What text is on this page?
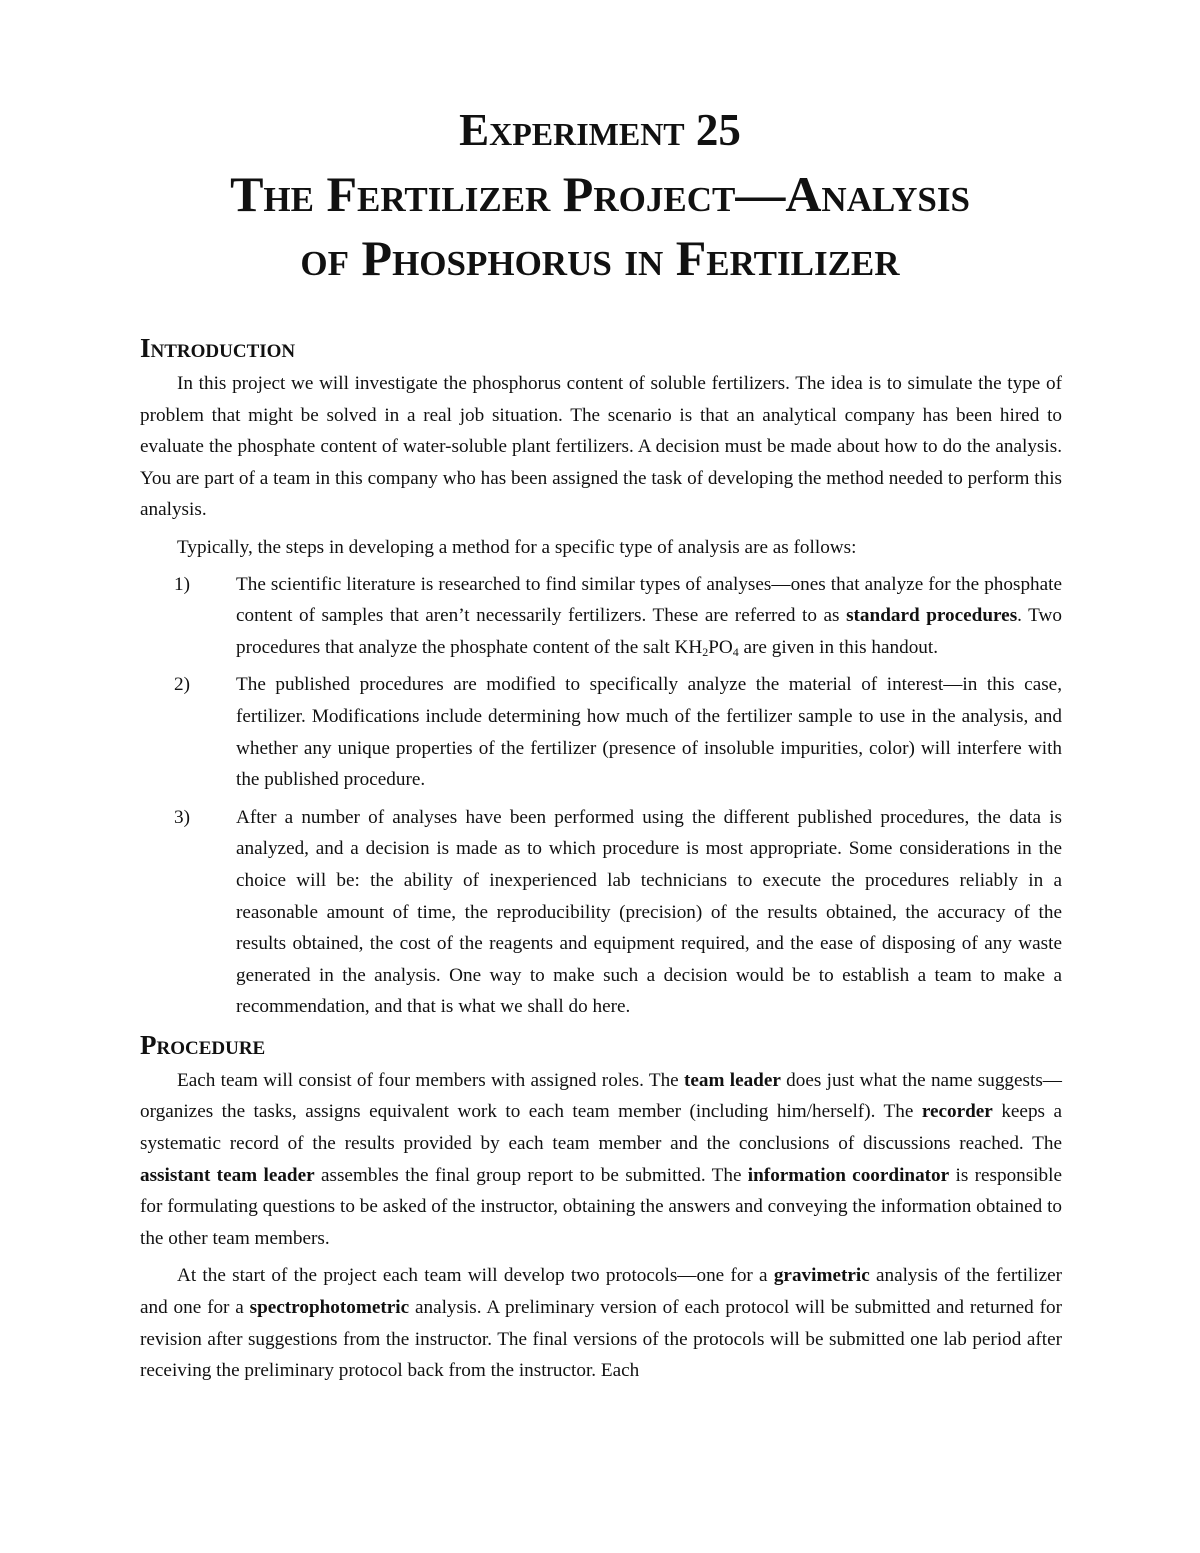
Experiment 25
The Fertilizer Project—Analysis
of Phosphorus in Fertilizer
Introduction

In this project we will investigate the phosphorus content of soluble fertilizers. The idea is to simulate the type of problem that might be solved in a real job situation. The scenario is that an analytical company has been hired to evaluate the phosphate content of water-soluble plant fertilizers. A decision must be made about how to do the analysis. You are part of a team in this company who has been assigned the task of developing the method needed to perform this analysis.

Typically, the steps in developing a method for a specific type of analysis are as follows:

1) The scientific literature is researched to find similar types of analyses—ones that analyze for the phosphate content of samples that aren’t necessarily fertilizers. These are referred to as standard procedures. Two procedures that analyze the phosphate content of the salt $KH_2PO_4$ are given in this handout.
2) The published procedures are modified to specifically analyze the material of interest—in this case, fertilizer. Modifications include determining how much of the fertilizer sample to use in the analysis, and whether any unique properties of the fertilizer (presence of insoluble impurities, color) will interfere with the published procedure.
3) After a number of analyses have been performed using the different published procedures, the data is analyzed, and a decision is made as to which procedure is most appropriate. Some considerations in the choice will be: the ability of inexperienced lab technicians to execute the procedures reliably in a reasonable amount of time, the reproducibility (precision) of the results obtained, the accuracy of the results obtained, the cost of the reagents and equipment required, and the ease of disposing of any waste generated in the analysis. One way to make such a decision would be to establish a team to make a recommendation, and that is what we shall do here.
Procedure

Each team will consist of four members with assigned roles. The team leader does just what the name suggests—organizes the tasks, assigns equivalent work to each team member (including him/herself). The recorder keeps a systematic record of the results provided by each team member and the conclusions of discussions reached. The assistant team leader assembles the final group report to be submitted. The information coordinator is responsible for formulating questions to be asked of the instructor, obtaining the answers and conveying the information obtained to the other team members.

At the start of the project each team will develop two protocols—one for a gravimetric analysis of the fertilizer and one for a spectrophotometric analysis. A preliminary version of each protocol will be submitted and returned for revision after suggestions from the instructor. The final versions of the protocols will be submitted one lab period after receiving the preliminary protocol back from the instructor. Each
